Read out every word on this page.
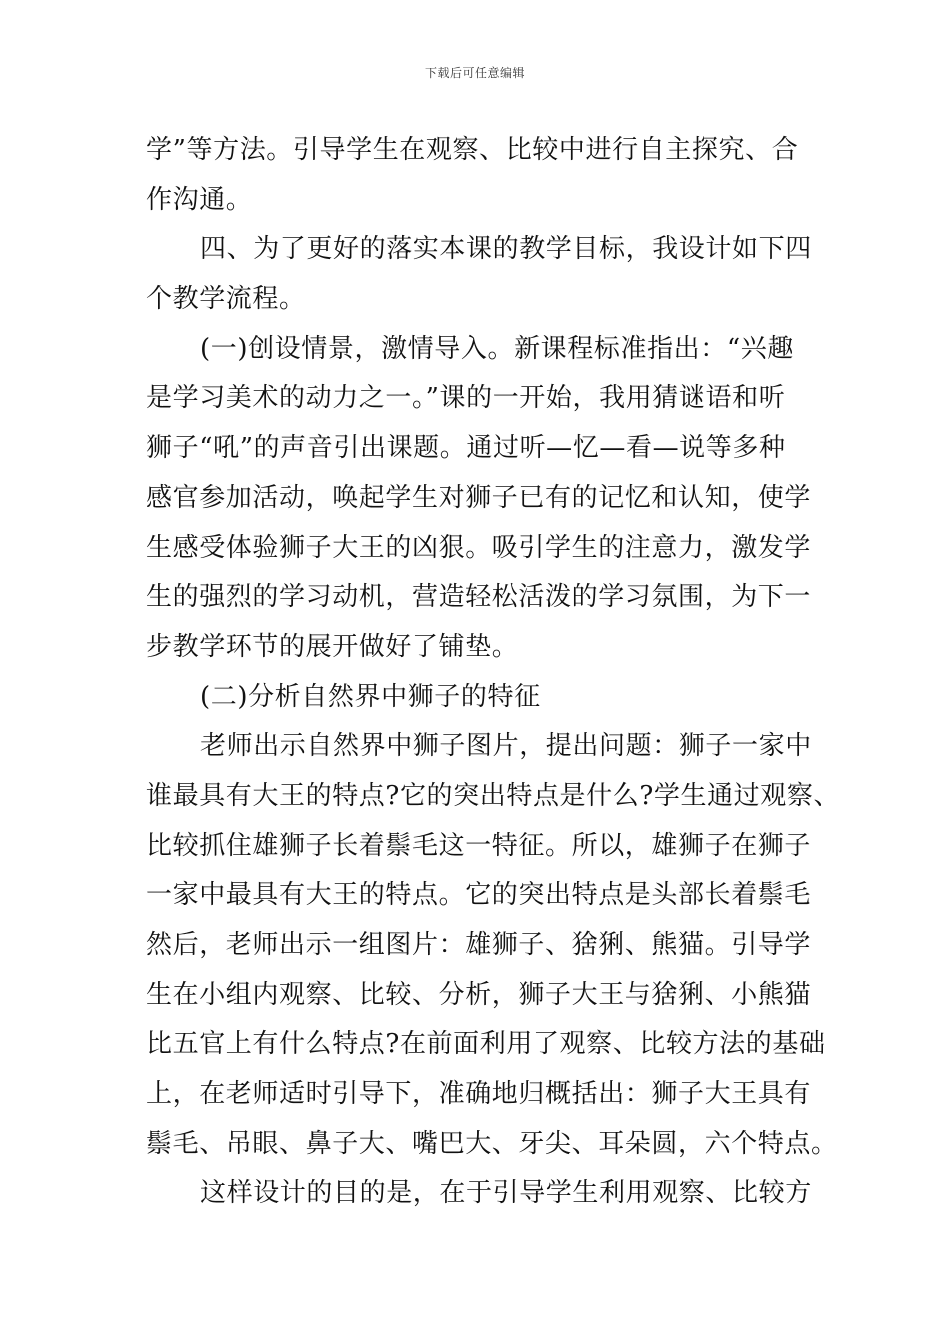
下载后可任意编辑
学”等方法。引导学生在观察、比较中进行自主探究、合
作沟通。
四、为了更好的落实本课的教学目标，我设计如下四
个教学流程。
(一)创设情景，激情导入。新课程标准指出：“兴趣
是学习美术的动力之一。”课的一开始，我用猜谜语和听
狮子“吼”的声音引出课题。通过听—忆—看—说等多种
感官参加活动，唤起学生对狮子已有的记忆和认知，使学
生感受体验狮子大王的凶狠。吸引学生的注意力，激发学
生的强烈的学习动机，营造轻松活泼的学习氛围，为下一
步教学环节的展开做好了铺垫。
(二)分析自然界中狮子的特征
老师出示自然界中狮子图片，提出问题：狮子一家中
谁最具有大王的特点?它的突出特点是什么?学生通过观察、
比较抓住雄狮子长着鬃毛这一特征。所以，雄狮子在狮子
一家中最具有大王的特点。它的突出特点是头部长着鬃毛
然后，老师出示一组图片：雄狮子、猞猁、熊猫。引导学
生在小组内观察、比较、分析，狮子大王与猞猁、小熊猫
比五官上有什么特点?在前面利用了观察、比较方法的基础
上，在老师适时引导下，准确地归概括出：狮子大王具有
鬃毛、吊眼、鼻子大、嘴巴大、牙尖、耳朵圆，六个特点。
这样设计的目的是，在于引导学生利用观察、比较方
